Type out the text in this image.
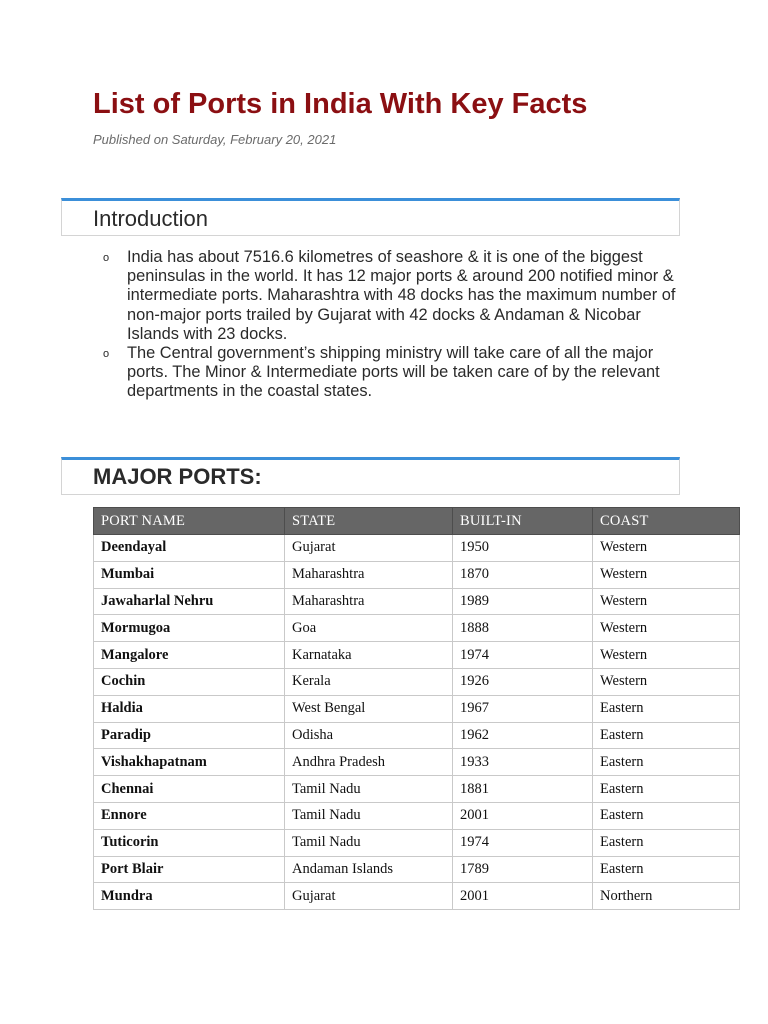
List of Ports in India With Key Facts
Published on Saturday, February 20, 2021
Introduction
o India has about 7516.6 kilometres of seashore & it is one of the biggest peninsulas in the world. It has 12 major ports & around 200 notified minor & intermediate ports. Maharashtra with 48 docks has the maximum number of non-major ports trailed by Gujarat with 42 docks & Andaman & Nicobar Islands with 23 docks.
o The Central government’s shipping ministry will take care of all the major ports. The Minor & Intermediate ports will be taken care of by the relevant departments in the coastal states.
MAJOR PORTS:
PORT NAME	STATE	BUILT-IN	COAST
Deendayal	Gujarat	1950	Western
Mumbai	Maharashtra	1870	Western
Jawaharlal Nehru	Maharashtra	1989	Western
Mormugoa	Goa	1888	Western
Mangalore	Karnataka	1974	Western
Cochin	Kerala	1926	Western
Haldia	West Bengal	1967	Eastern
Paradip	Odisha	1962	Eastern
Vishakhapatnam	Andhra Pradesh	1933	Eastern
Chennai	Tamil Nadu	1881	Eastern
Ennore	Tamil Nadu	2001	Eastern
Tuticorin	Tamil Nadu	1974	Eastern
Port Blair	Andaman Islands	1789	Eastern
Mundra	Gujarat	2001	Northern
